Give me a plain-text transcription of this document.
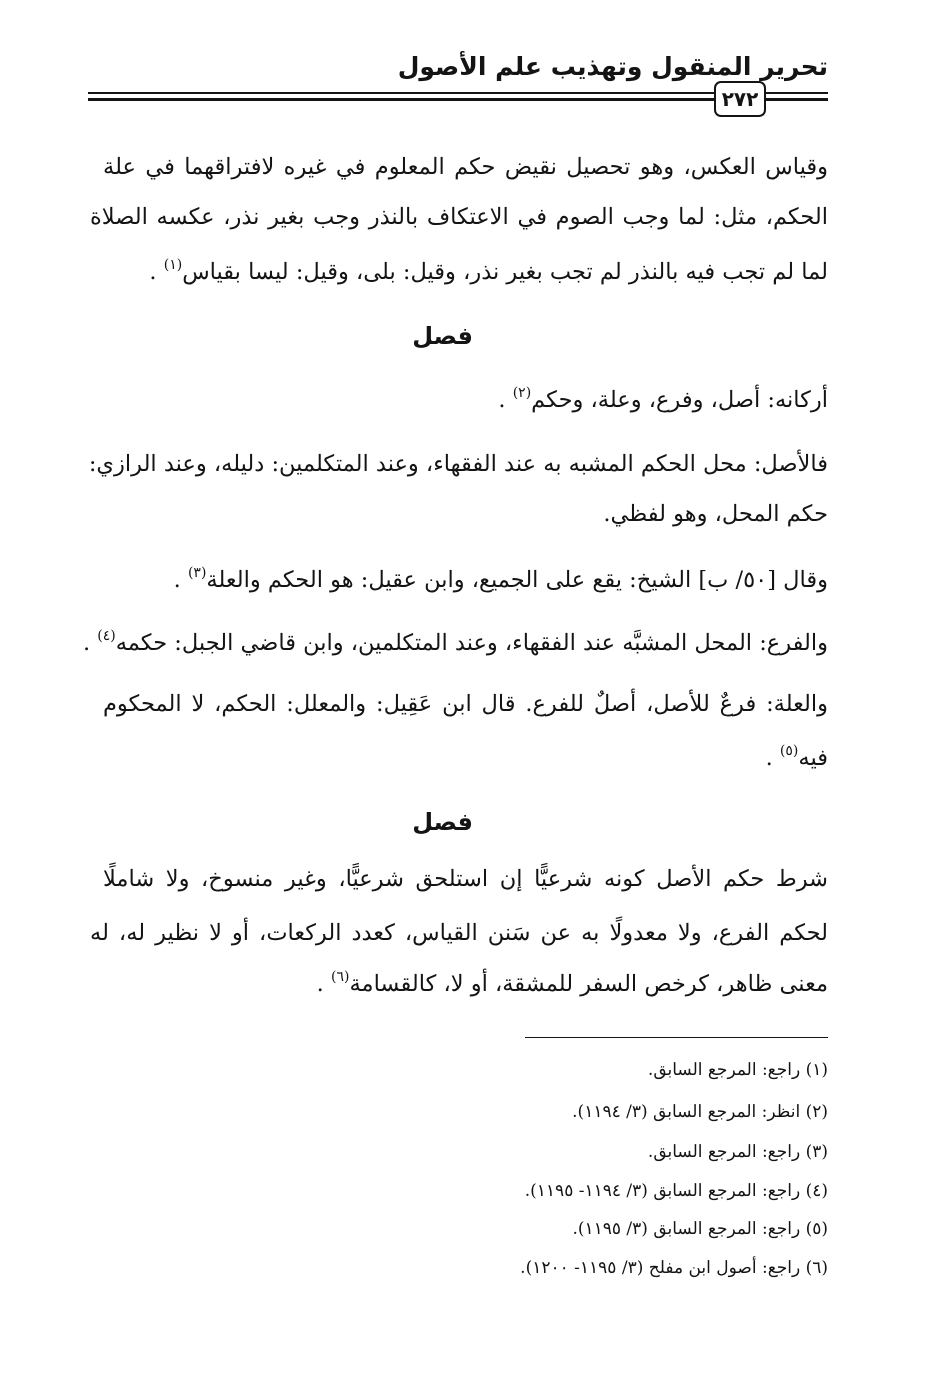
تحرير المنقول وتهذيب علم الأصول
٢٧٢
وقياس العكس، وهو تحصيل نقيض حكم المعلوم في غيره لافتراقهما في علة
الحكم، مثل: لما وجب الصوم في الاعتكاف بالنذر وجب بغير نذر، عكسه الصلاة
لما لم تجب فيه بالنذر لم تجب بغير نذر، وقيل: بلى، وقيل: ليسا بقياس$^{(١)}$ .
فصل
أركانه: أصل، وفرع، وعلة، وحكم$^{(٢)}$ .
فالأصل: محل الحكم المشبه به عند الفقهاء، وعند المتكلمين: دليله، وعند الرازي:
حكم المحل، وهو لفظي.
وقال [٥٠/ ب] الشيخ: يقع على الجميع، وابن عقيل: هو الحكم والعلة$^{(٣)}$ .
والفرع: المحل المشبَّه عند الفقهاء، وعند المتكلمين، وابن قاضي الجبل: حكمه$^{(٤)}$ .
والعلة: فرعٌ للأصل، أصلٌ للفرع. قال ابن عَقِيل: والمعلل: الحكم، لا المحكوم
فيه$^{(٥)}$ .
فصل
شرط حكم الأصل كونه شرعيًّا إن استلحق شرعيًّا، وغير منسوخ، ولا شاملًا
لحكم الفرع، ولا معدولًا به عن سَنن القياس، كعدد الركعات، أو لا نظير له، له
معنى ظاهر، كرخص السفر للمشقة، أو لا، كالقسامة$^{(٦)}$ .
(١) راجع: المرجع السابق.
(٢) انظر: المرجع السابق (٣/ ١١٩٤).
(٣) راجع: المرجع السابق.
(٤) راجع: المرجع السابق (٣/ ١١٩٤- ١١٩٥).
(٥) راجع: المرجع السابق (٣/ ١١٩٥).
(٦) راجع: أصول ابن مفلح (٣/ ١١٩٥- ١٢٠٠).
